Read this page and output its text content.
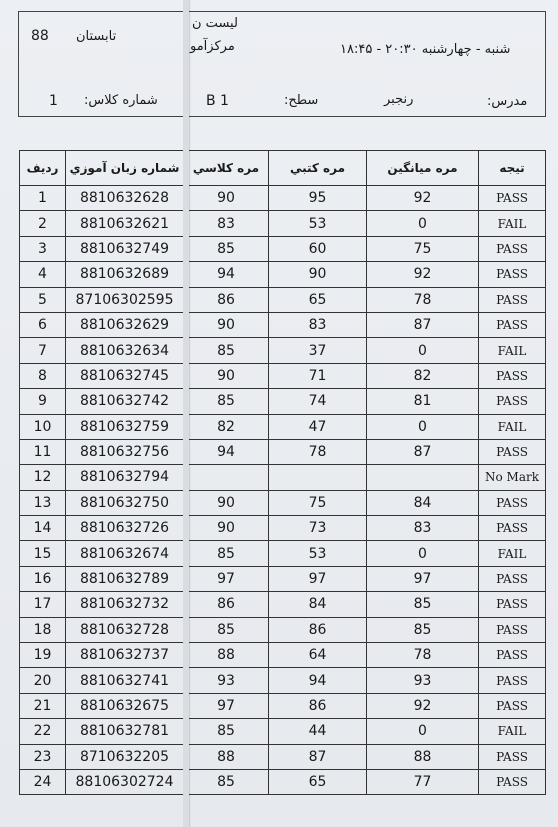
88 تابستان
لیست ن
مرکزآمو	شنبه - چهارشنبه ۲۰:۳۰ - ۱۸:۴۵
1 شماره کلاس:	B 1	سطح:	رنجبر	مدرس:
ردیف	شماره زبان آموزي	مره کلاسي	مره کتبي	مره ميانگين	تيجه
1	8810632628	90	95	92	PASS
2	8810632621	83	53	0	FAIL
3	8810632749	85	60	75	PASS
4	8810632689	94	90	92	PASS
5	87106302595	86	65	78	PASS
6	8810632629	90	83	87	PASS
7	8810632634	85	37	0	FAIL
8	8810632745	90	71	82	PASS
9	8810632742	85	74	81	PASS
10	8810632759	82	47	0	FAIL
11	8810632756	94	78	87	PASS
12	8810632794				No Mark
13	8810632750	90	75	84	PASS
14	8810632726	90	73	83	PASS
15	8810632674	85	53	0	FAIL
16	8810632789	97	97	97	PASS
17	8810632732	86	84	85	PASS
18	8810632728	85	86	85	PASS
19	8810632737	88	64	78	PASS
20	8810632741	93	94	93	PASS
21	8810632675	97	86	92	PASS
22	8810632781	85	44	0	FAIL
23	8710632205	88	87	88	PASS
24	88106302724	85	65	77	PASS
